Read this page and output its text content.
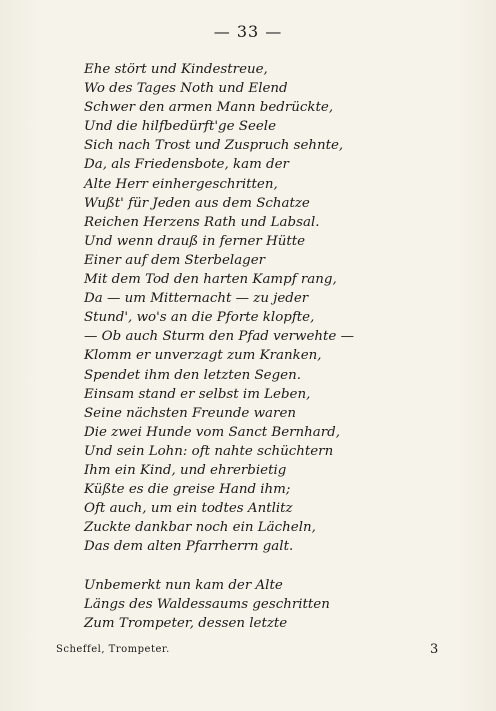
— 33 —
Ehe stört und Kindestreue,
Wo des Tages Noth und Elend
Schwer den armen Mann bedrückte,
Und die hilfbedürft'ge Seele
Sich nach Trost und Zuspruch sehnte,
Da, als Friedensbote, kam der
Alte Herr einhergeschritten,
Wußt' für Jeden aus dem Schatze
Reichen Herzens Rath und Labsal.
Und wenn drauß in ferner Hütte
Einer auf dem Sterbelager
Mit dem Tod den harten Kampf rang,
Da — um Mitternacht — zu jeder
Stund', wo's an die Pforte klopfte,
— Ob auch Sturm den Pfad verwehte —
Klomm er unverzagt zum Kranken,
Spendet ihm den letzten Segen.
Einsam stand er selbst im Leben,
Seine nächsten Freunde waren
Die zwei Hunde vom Sanct Bernhard,
Und sein Lohn: oft nahte schüchtern
Ihm ein Kind, und ehrerbietig
Küßte es die greise Hand ihm;
Oft auch, um ein todtes Antlitz
Zuckte dankbar noch ein Lächeln,
Das dem alten Pfarrherrn galt.
Unbemerkt nun kam der Alte
Längs des Waldessaums geschritten
Zum Trompeter, dessen letzte
Scheffel, Trompeter.	3
